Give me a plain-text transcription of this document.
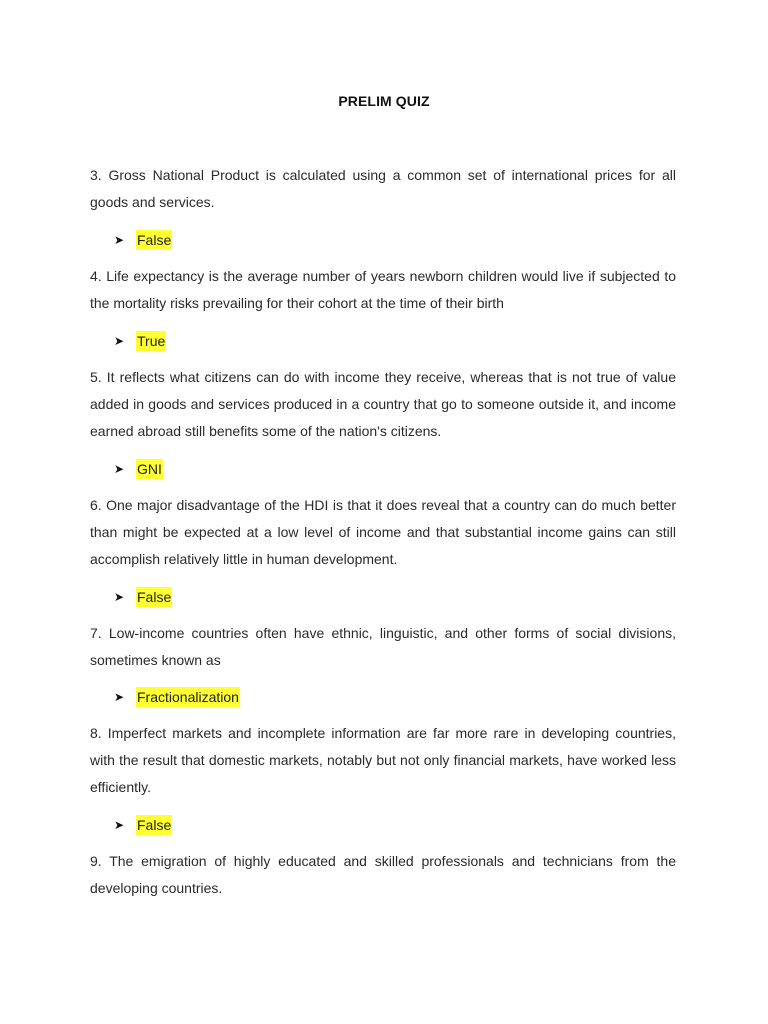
PRELIM QUIZ
3. Gross National Product is calculated using a common set of international prices for all goods and services.
➤ False
4. Life expectancy is the average number of years newborn children would live if subjected to the mortality risks prevailing for their cohort at the time of their birth
➤ True
5. It reflects what citizens can do with income they receive, whereas that is not true of value added in goods and services produced in a country that go to someone outside it, and income earned abroad still benefits some of the nation's citizens.
➤ GNI
6. One major disadvantage of the HDI is that it does reveal that a country can do much better than might be expected at a low level of income and that substantial income gains can still accomplish relatively little in human development.
➤ False
7. Low-income countries often have ethnic, linguistic, and other forms of social divisions, sometimes known as
➤ Fractionalization
8. Imperfect markets and incomplete information are far more rare in developing countries, with the result that domestic markets, notably but not only financial markets, have worked less efficiently.
➤ False
9. The emigration of highly educated and skilled professionals and technicians from the developing countries.
